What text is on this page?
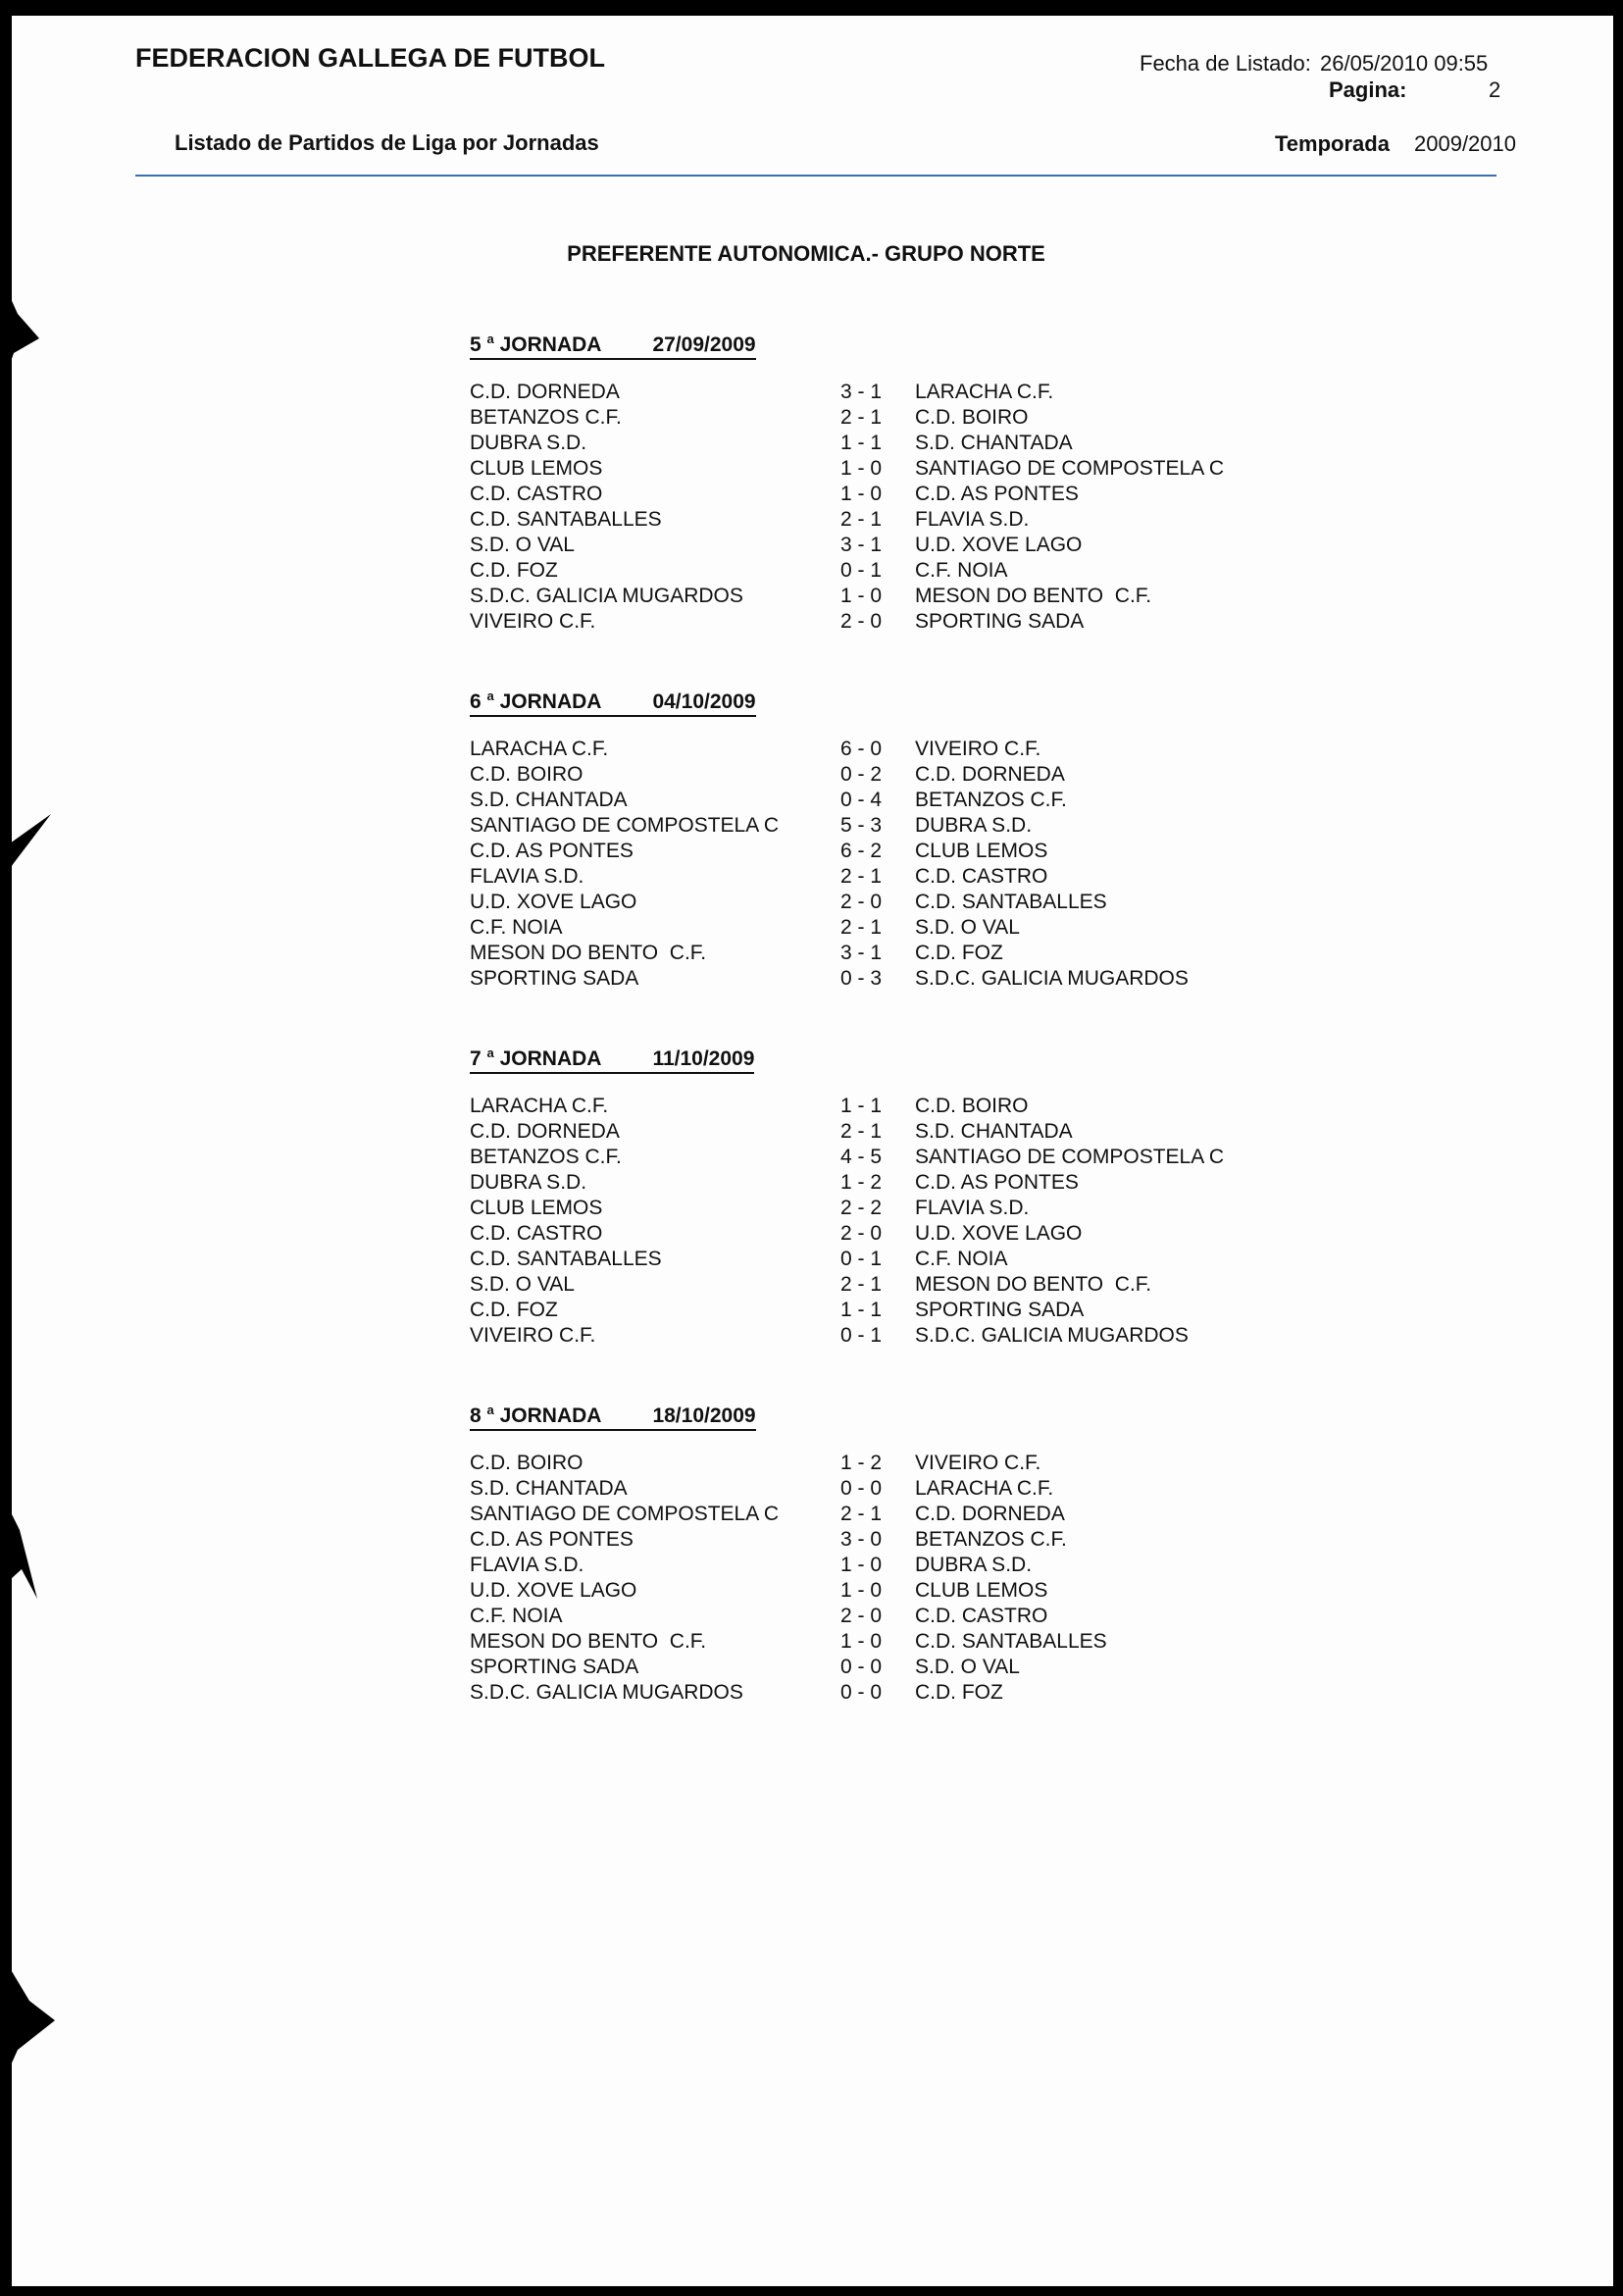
FEDERACION GALLEGA DE FUTBOL	Fecha de Listado: 26/05/2010 09:55
Pagina:	2
Listado de Partidos de Liga por Jornadas	Temporada 2009/2010
PREFERENTE AUTONOMICA.- GRUPO NORTE
5 $^a$ JORNADA 27/09/2009
C.D. DORNEDA	3 - 1 LARACHA C.F.
BETANZOS C.F.	2 - 1 C.D. BOIRO
DUBRA S.D.	1 - 1 S.D. CHANTADA
CLUB LEMOS	1 - 0 SANTIAGO DE COMPOSTELA C
C.D. CASTRO	1 - 0 C.D. AS PONTES
C.D. SANTABALLES	2 - 1 FLAVIA S.D.
S.D. O VAL	3 - 1 U.D. XOVE LAGO
C.D. FOZ	0 - 1 C.F. NOIA
S.D.C. GALICIA MUGARDOS	1 - 0 MESON DO BENTO  C.F.
VIVEIRO C.F.	2 - 0 SPORTING SADA
6 $^a$ JORNADA 04/10/2009
LARACHA C.F.	6 - 0 VIVEIRO C.F.
C.D. BOIRO	0 - 2 C.D. DORNEDA
S.D. CHANTADA	0 - 4 BETANZOS C.F.
SANTIAGO DE COMPOSTELA C	5 - 3 DUBRA S.D.
C.D. AS PONTES	6 - 2 CLUB LEMOS
FLAVIA S.D.	2 - 1 C.D. CASTRO
U.D. XOVE LAGO	2 - 0 C.D. SANTABALLES
C.F. NOIA	2 - 1 S.D. O VAL
MESON DO BENTO  C.F.	3 - 1 C.D. FOZ
SPORTING SADA	0 - 3 S.D.C. GALICIA MUGARDOS
7 $^a$ JORNADA 11/10/2009
LARACHA C.F.	1 - 1 C.D. BOIRO
C.D. DORNEDA	2 - 1 S.D. CHANTADA
BETANZOS C.F.	4 - 5 SANTIAGO DE COMPOSTELA C
DUBRA S.D.	1 - 2 C.D. AS PONTES
CLUB LEMOS	2 - 2 FLAVIA S.D.
C.D. CASTRO	2 - 0 U.D. XOVE LAGO
C.D. SANTABALLES	0 - 1 C.F. NOIA
S.D. O VAL	2 - 1 MESON DO BENTO  C.F.
C.D. FOZ	1 - 1 SPORTING SADA
VIVEIRO C.F.	0 - 1 S.D.C. GALICIA MUGARDOS
8 $^a$ JORNADA 18/10/2009
C.D. BOIRO	1 - 2 VIVEIRO C.F.
S.D. CHANTADA	0 - 0 LARACHA C.F.
SANTIAGO DE COMPOSTELA C	2 - 1 C.D. DORNEDA
C.D. AS PONTES	3 - 0 BETANZOS C.F.
FLAVIA S.D.	1 - 0 DUBRA S.D.
U.D. XOVE LAGO	1 - 0 CLUB LEMOS
C.F. NOIA	2 - 0 C.D. CASTRO
MESON DO BENTO  C.F.	1 - 0 C.D. SANTABALLES
SPORTING SADA	0 - 0 S.D. O VAL
S.D.C. GALICIA MUGARDOS	0 - 0 C.D. FOZ
